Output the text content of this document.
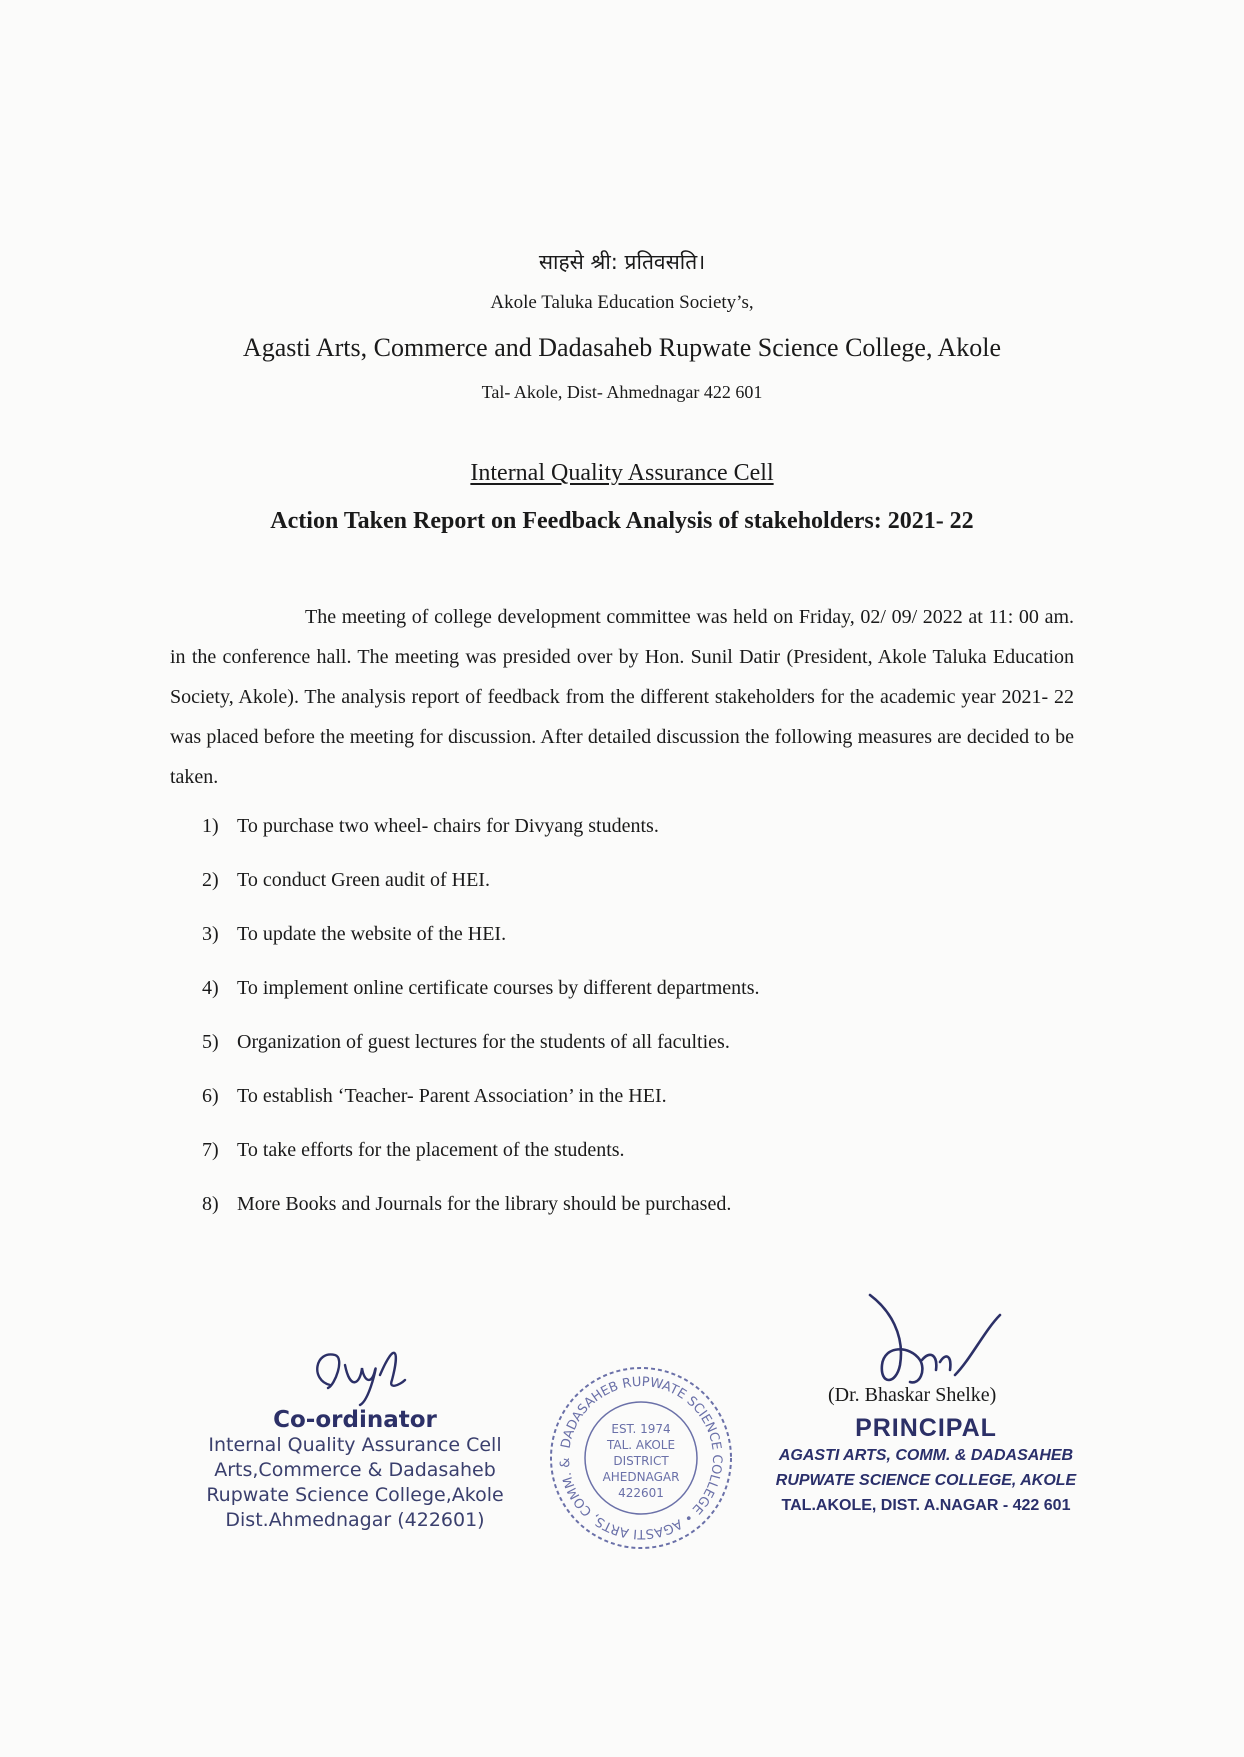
साहसे श्री: प्रतिवसति।
Akole Taluka Education Society’s,
Agasti Arts, Commerce and Dadasaheb Rupwate Science College, Akole
Tal- Akole, Dist- Ahmednagar 422 601
Internal Quality Assurance Cell
Action Taken Report on Feedback Analysis of stakeholders: 2021- 22
The meeting of college development committee was held on Friday, 02/ 09/ 2022 at 11: 00 am. in the conference hall. The meeting was presided over by Hon. Sunil Datir (President, Akole Taluka Education Society, Akole). The analysis report of feedback from the different stakeholders for the academic year 2021- 22 was placed before the meeting for discussion. After detailed discussion the following measures are decided to be taken.
1) To purchase two wheel- chairs for Divyang students.
2) To conduct Green audit of HEI.
3) To update the website of the HEI.
4) To implement online certificate courses by different departments.
5) Organization of guest lectures for the students of all faculties.
6) To establish ‘Teacher- Parent Association’ in the HEI.
7) To take efforts for the placement of the students.
8) More Books and Journals for the library should be purchased.
Co-ordinator
Internal Quality Assurance Cell
Arts,Commerce & Dadasaheb
Rupwate Science College,Akole
Dist.Ahmednagar (422601)
DADASAHEB RUPWATE SCIENCE COLLEGE • AGASTI ARTS, COMM. &
EST. 1974
TAL. AKOLE
DISTRICT
AHEDNAGAR
422601
(Dr. Bhaskar Shelke)
PRINCIPAL
AGASTI ARTS, COMM. & DADASAHEB
RUPWATE SCIENCE COLLEGE, AKOLE
TAL.AKOLE, DIST. A.NAGAR - 422 601
